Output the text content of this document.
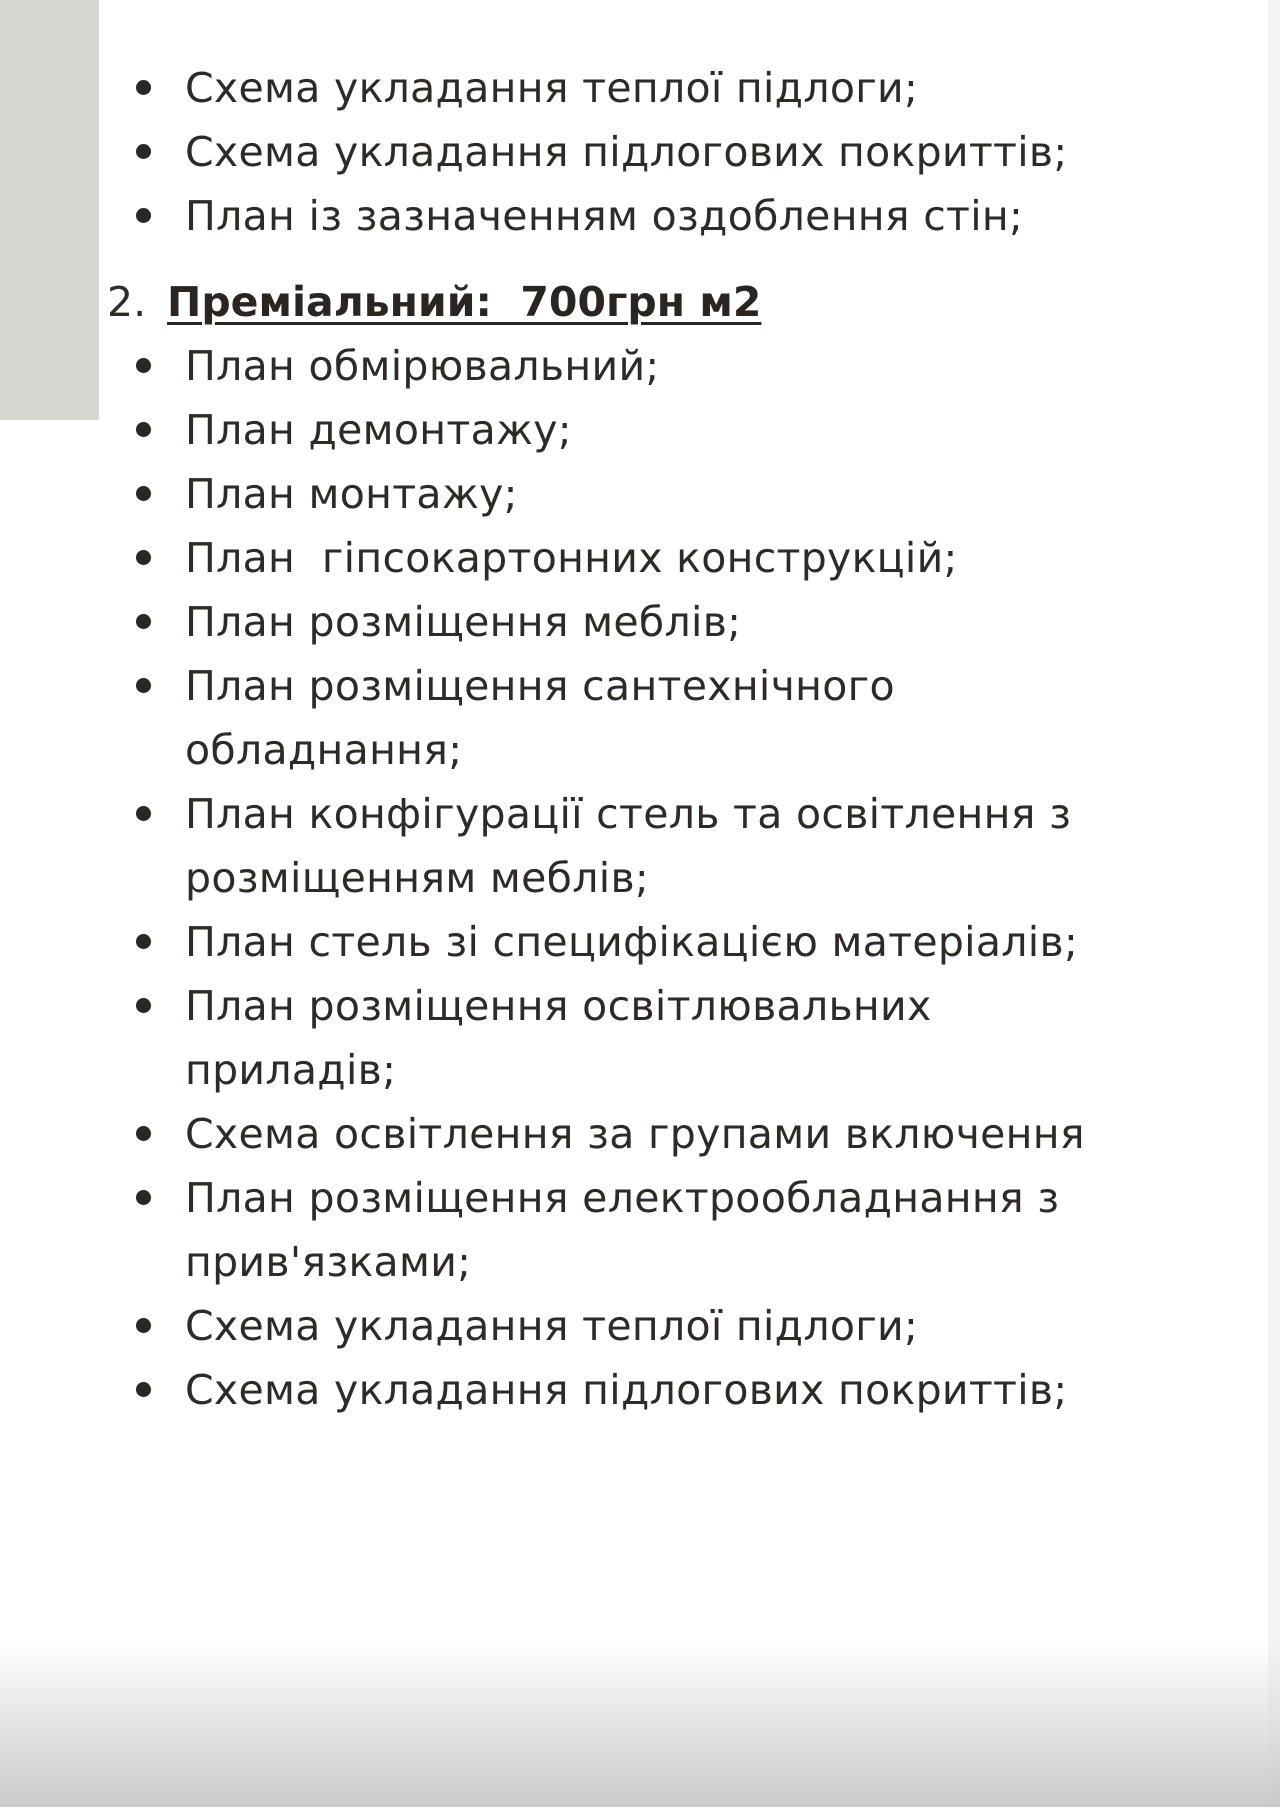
Схема укладання теплої підлоги;
Схема укладання підлогових покриттів;
План із зазначенням оздоблення стін;
2. Преміальний:  700грн м2
План обмірювальний;
План демонтажу;
План монтажу;
План  гіпсокартонних конструкцій;
План розміщення меблів;
План розміщення сантехнічного обладнання;
План конфігурації стель та освітлення з розміщенням меблів;
План стель зі специфікацією матеріалів;
План розміщення освітлювальних приладів;
Схема освітлення за групами включення
План розміщення електрообладнання з прив'язками;
Схема укладання теплої підлоги;
Схема укладання підлогових покриттів;
